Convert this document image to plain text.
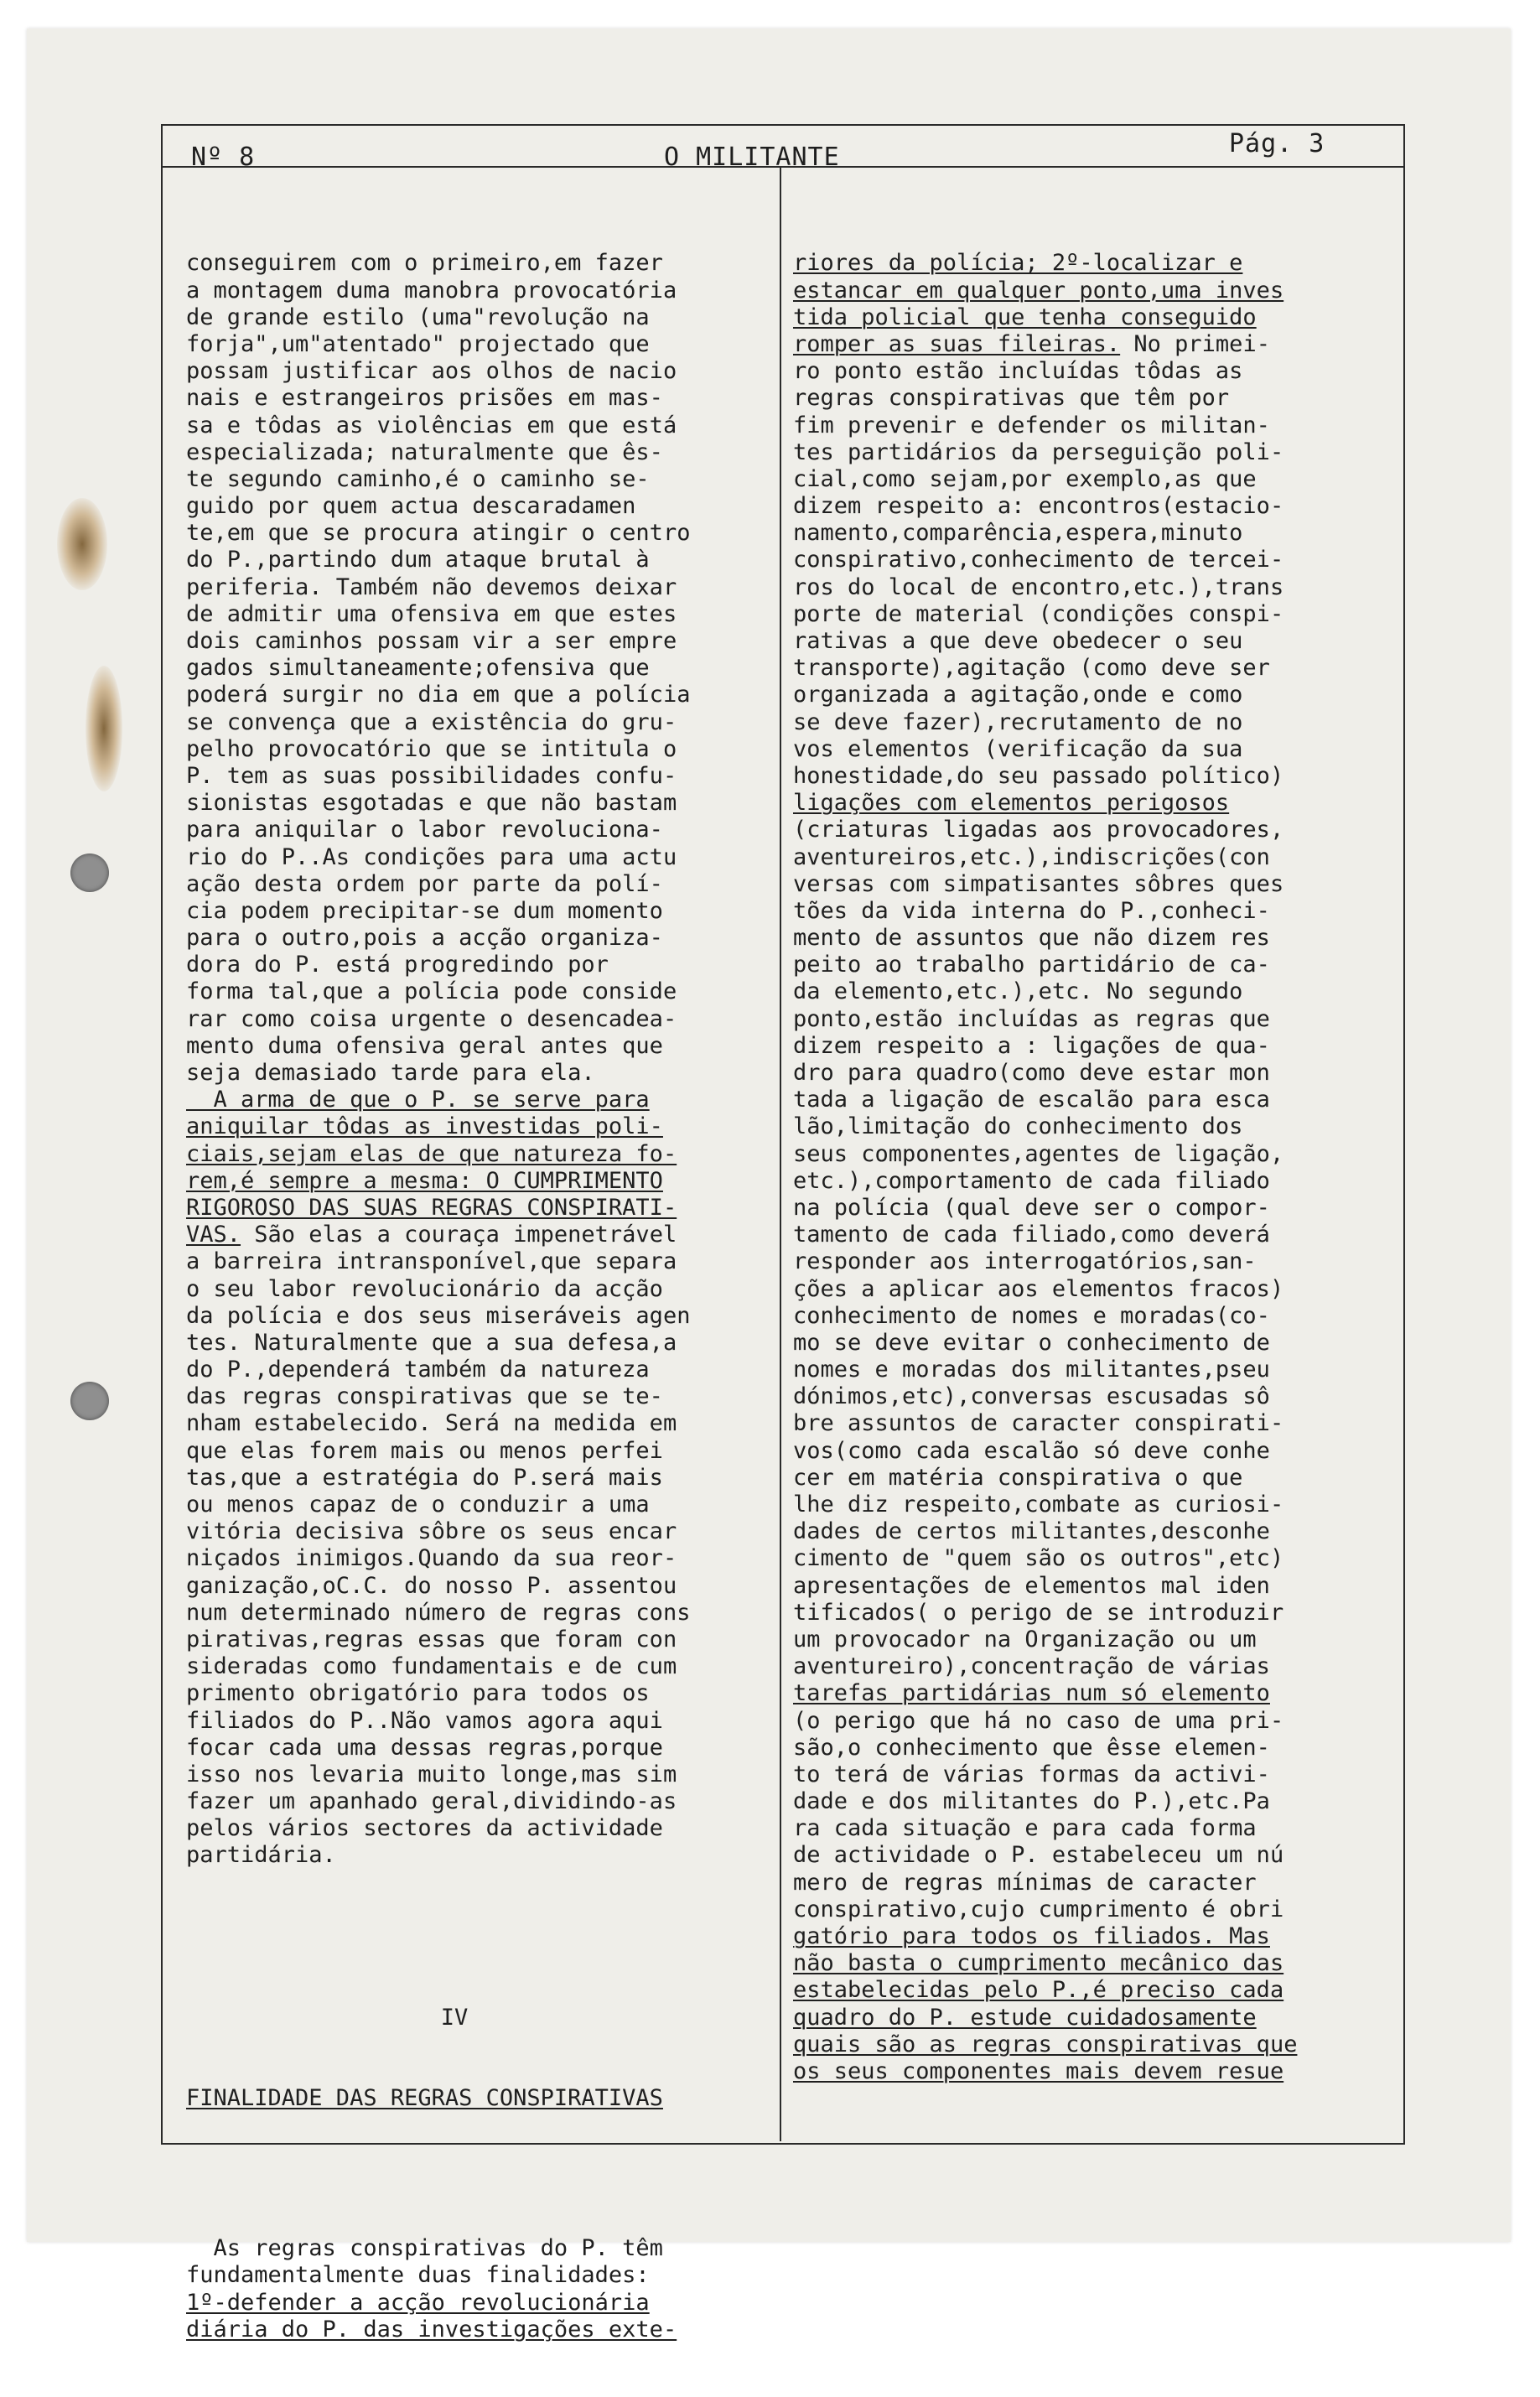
Nº 8	O MILITANTE	Pág. 3

conseguirem com o primeiro,em fazer
a montagem duma manobra provocatória
de grande estilo (uma"revolução na
forja",um"atentado" projectado que
possam justificar aos olhos de nacio
nais e estrangeiros prisões em mas-
sa e tôdas as violências em que está
especializada; naturalmente que ês-
te segundo caminho,é o caminho se-
guido por quem actua descaradamen
te,em que se procura atingir o centro
do P.,partindo dum ataque brutal à
periferia. Também não devemos deixar
de admitir uma ofensiva em que estes
dois caminhos possam vir a ser empre
gados simultaneamente;ofensiva que
poderá surgir no dia em que a polícia
se convença que a existência do gru-
pelho provocatório que se intitula o
P. tem as suas possibilidades confu-
sionistas esgotadas e que não bastam
para aniquilar o labor revoluciona-
rio do P..As condições para uma actu
ação desta ordem por parte da polí-
cia podem precipitar-se dum momento
para o outro,pois a acção organiza-
dora do P. está progredindo por
forma tal,que a polícia pode conside
rar como coisa urgente o desencadea-
mento duma ofensiva geral antes que
seja demasiado tarde para ela.
A arma de que o P. se serve para
aniquilar tôdas as investidas poli-
ciais,sejam elas de que natureza fo-
rem,é sempre a mesma: O CUMPRIMENTO
RIGOROSO DAS SUAS REGRAS CONSPIRATI-
VAS. São elas a couraça impenetrável
a barreira intransponível,que separa
o seu labor revolucionário da acção
da polícia e dos seus miseráveis agen
tes. Naturalmente que a sua defesa,a
do P.,dependerá também da natureza
das regras conspirativas que se te-
nham estabelecido. Será na medida em
que elas forem mais ou menos perfei
tas,que a estratégia do P.será mais
ou menos capaz de o conduzir a uma
vitória decisiva sôbre os seus encar
niçados inimigos.Quando da sua reor-
ganização,oC.C. do nosso P. assentou
num determinado número de regras cons
pirativas,regras essas que foram con
sideradas como fundamentais e de cum
primento obrigatório para todos os
filiados do P..Não vamos agora aqui
focar cada uma dessas regras,porque
isso nos levaria muito longe,mas sim
fazer um apanhado geral,dividindo-as
pelos vários sectores da actividade
partidária.

IV

FINALIDADE DAS REGRAS CONSPIRATIVAS

As regras conspirativas do P. têm
fundamentalmente duas finalidades:
1º-defender a acção revolucionária
diária do P. das investigações exte-

riores da polícia; 2º-localizar e
estancar em qualquer ponto,uma inves
tida policial que tenha conseguido
romper as suas fileiras. No primei-
ro ponto estão incluídas tôdas as
regras conspirativas que têm por
fim prevenir e defender os militan-
tes partidários da perseguição poli-
cial,como sejam,por exemplo,as que
dizem respeito a: encontros(estacio-
namento,comparência,espera,minuto
conspirativo,conhecimento de tercei-
ros do local de encontro,etc.),trans
porte de material (condições conspi-
rativas a que deve obedecer o seu
transporte),agitação (como deve ser
organizada a agitação,onde e como
se deve fazer),recrutamento de no
vos elementos (verificação da sua
honestidade,do seu passado político)
ligações com elementos perigosos
(criaturas ligadas aos provocadores,
aventureiros,etc.),indiscrições(con
versas com simpatisantes sôbres ques
tões da vida interna do P.,conheci-
mento de assuntos que não dizem res
peito ao trabalho partidário de ca-
da elemento,etc.),etc. No segundo
ponto,estão incluídas as regras que
dizem respeito a : ligações de qua-
dro para quadro(como deve estar mon
tada a ligação de escalão para esca
lão,limitação do conhecimento dos
seus componentes,agentes de ligação,
etc.),comportamento de cada filiado
na polícia (qual deve ser o compor-
tamento de cada filiado,como deverá
responder aos interrogatórios,san-
ções a aplicar aos elementos fracos)
conhecimento de nomes e moradas(co-
mo se deve evitar o conhecimento de
nomes e moradas dos militantes,pseu
dónimos,etc),conversas escusadas sô
bre assuntos de caracter conspirati-
vos(como cada escalão só deve conhe
cer em matéria conspirativa o que
lhe diz respeito,combate as curiosi-
dades de certos militantes,desconhe
cimento de "quem são os outros",etc)
apresentações de elementos mal iden
tificados( o perigo de se introduzir
um provocador na Organização ou um
aventureiro),concentração de várias
tarefas partidárias num só elemento
(o perigo que há no caso de uma pri-
são,o conhecimento que êsse elemen-
to terá de várias formas da activi-
dade e dos militantes do P.),etc.Pa
ra cada situação e para cada forma
de actividade o P. estabeleceu um nú
mero de regras mínimas de caracter
conspirativo,cujo cumprimento é obri
gatório para todos os filiados. Mas
não basta o cumprimento mecânico das
estabelecidas pelo P.,é preciso cada
quadro do P. estude cuidadosamente
quais são as regras conspirativas que
os seus componentes mais devem resue
